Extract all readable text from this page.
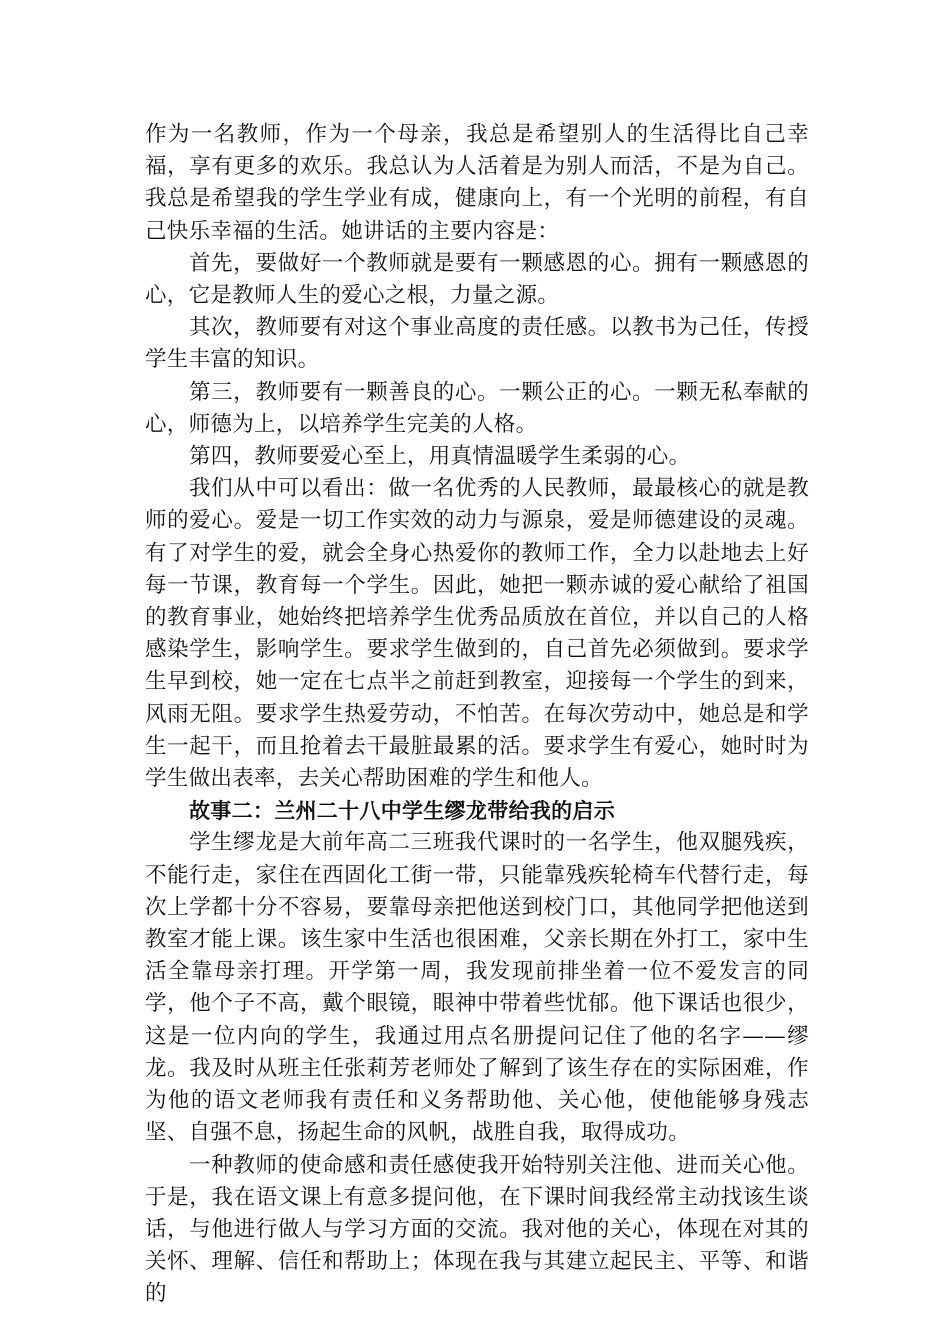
作为一名教师，作为一个母亲，我总是希望别人的生活得比自己幸福，享有更多的欢乐。我总认为人活着是为别人而活，不是为自己。我总是希望我的学生学业有成，健康向上，有一个光明的前程，有自己快乐幸福的生活。她讲话的主要内容是：

首先，要做好一个教师就是要有一颗感恩的心。拥有一颗感恩的心，它是教师人生的爱心之根，力量之源。

其次，教师要有对这个事业高度的责任感。以教书为己任，传授学生丰富的知识。

第三，教师要有一颗善良的心。一颗公正的心。一颗无私奉献的心，师德为上，以培养学生完美的人格。

第四，教师要爱心至上，用真情温暖学生柔弱的心。

我们从中可以看出：做一名优秀的人民教师，最最核心的就是教师的爱心。爱是一切工作实效的动力与源泉，爱是师德建设的灵魂。有了对学生的爱，就会全身心热爱你的教师工作，全力以赴地去上好每一节课，教育每一个学生。因此，她把一颗赤诚的爱心献给了祖国的教育事业，她始终把培养学生优秀品质放在首位，并以自己的人格感染学生，影响学生。要求学生做到的，自己首先必须做到。要求学生早到校，她一定在七点半之前赶到教室，迎接每一个学生的到来，风雨无阻。要求学生热爱劳动，不怕苦。在每次劳动中，她总是和学生一起干，而且抢着去干最脏最累的活。要求学生有爱心，她时时为学生做出表率，去关心帮助困难的学生和他人。

故事二：兰州二十八中学生缪龙带给我的启示

学生缪龙是大前年高二三班我代课时的一名学生，他双腿残疾，不能行走，家住在西固化工街一带，只能靠残疾轮椅车代替行走，每次上学都十分不容易，要靠母亲把他送到校门口，其他同学把他送到教室才能上课。该生家中生活也很困难，父亲长期在外打工，家中生活全靠母亲打理。开学第一周，我发现前排坐着一位不爱发言的同学，他个子不高，戴个眼镜，眼神中带着些忧郁。他下课话也很少，这是一位内向的学生，我通过用点名册提问记住了他的名字——缪龙。我及时从班主任张莉芳老师处了解到了该生存在的实际困难，作为他的语文老师我有责任和义务帮助他、关心他，使他能够身残志坚、自强不息，扬起生命的风帆，战胜自我，取得成功。

一种教师的使命感和责任感使我开始特别关注他、进而关心他。于是，我在语文课上有意多提问他，在下课时间我经常主动找该生谈话，与他进行做人与学习方面的交流。我对他的关心，体现在对其的关怀、理解、信任和帮助上；体现在我与其建立起民主、平等、和谐的
